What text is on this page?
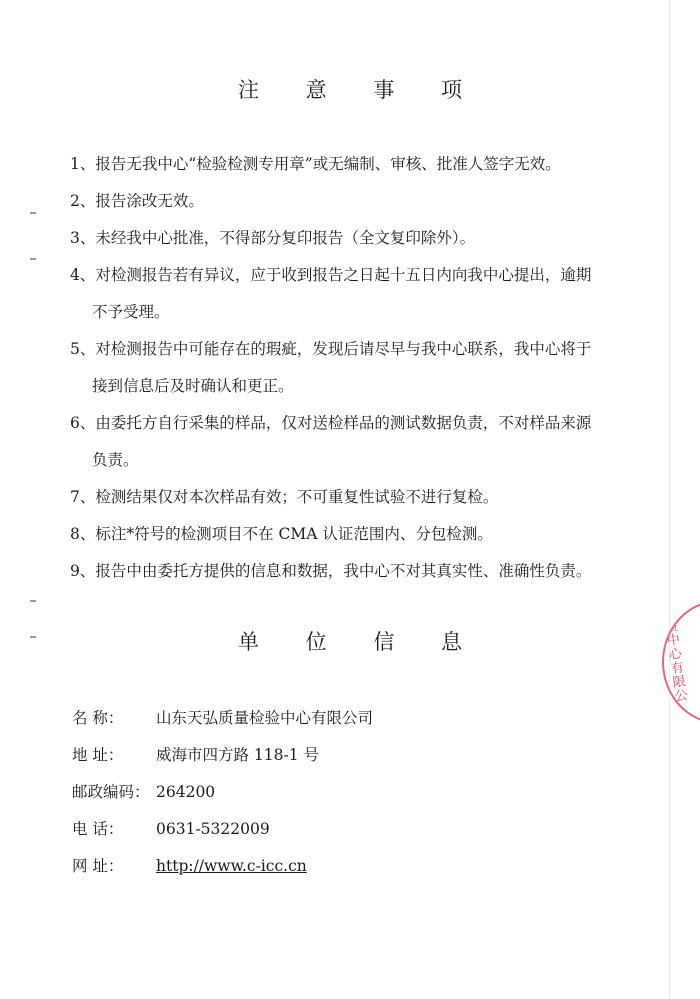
注 意 事 项
1、报告无我中心“检验检测专用章”或无编制、审核、批准人签字无效。
2、报告涂改无效。
3、未经我中心批准，不得部分复印报告（全文复印除外）。
4、对检测报告若有异议，应于收到报告之日起十五日内向我中心提出，逾期
不予受理。
5、对检测报告中可能存在的瑕疵，发现后请尽早与我中心联系，我中心将于
接到信息后及时确认和更正。
6、由委托方自行采集的样品，仅对送检样品的测试数据负责，不对样品来源
负责。
7、检测结果仅对本次样品有效；不可重复性试验不进行复检。
8、标注*符号的检测项目不在 CMA 认证范围内、分包检测。
9、报告中由委托方提供的信息和数据，我中心不对其真实性、准确性负责。
单 位 信 息
名 称： 山东天弘质量检验中心有限公司
地 址： 威海市四方路 118-1 号
邮政编码： 264200
电 话： 0631-5322009
网 址： http://www.c-icc.cn
验中心有限公
